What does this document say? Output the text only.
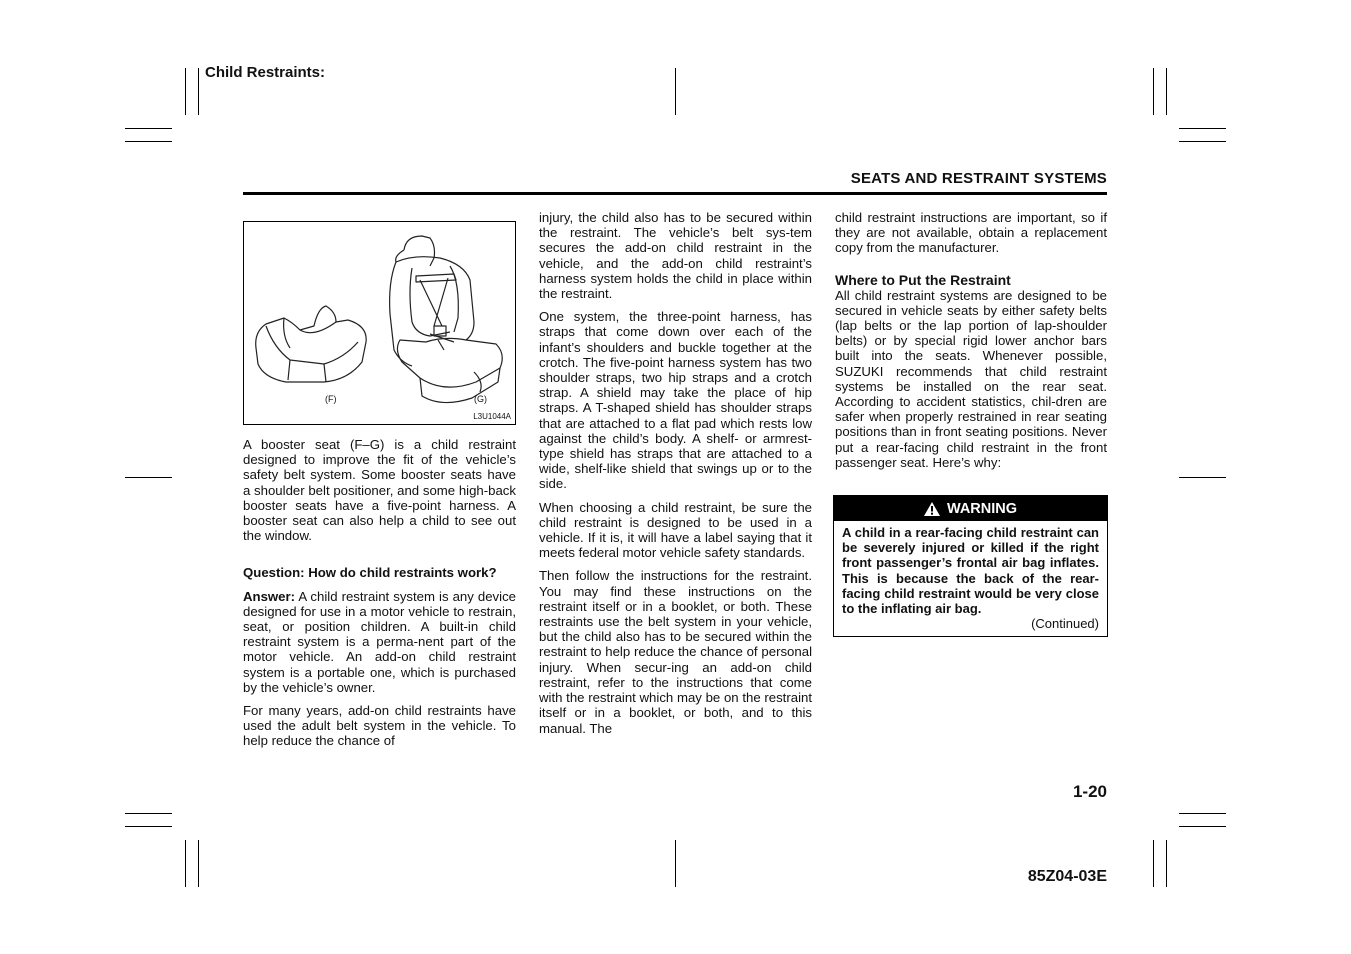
Child Restraints:
SEATS AND RESTRAINT SYSTEMS
(F)	(G)
L3U1044A

A booster seat (F–G) is a child restraint designed to improve the fit of the vehicle’s safety belt system. Some booster seats have a shoulder belt positioner, and some high-back booster seats have a five-point harness. A booster seat can also help a child to see out the window.

Question: How do child restraints work?

Answer: A child restraint system is any device designed for use in a motor vehicle to restrain, seat, or position children. A built-in child restraint system is a perma-nent part of the motor vehicle. An add-on child restraint system is a portable one, which is purchased by the vehicle’s owner.

For many years, add-on child restraints have used the adult belt system in the vehicle. To help reduce the chance of

injury, the child also has to be secured within the restraint. The vehicle’s belt sys-tem secures the add-on child restraint in the vehicle, and the add-on child restraint’s harness system holds the child in place within the restraint.

One system, the three-point harness, has straps that come down over each of the infant’s shoulders and buckle together at the crotch. The five-point harness system has two shoulder straps, two hip straps and a crotch strap. A shield may take the place of hip straps. A T-shaped shield has shoulder straps that are attached to a flat pad which rests low against the child’s body. A shelf- or armrest-type shield has straps that are attached to a wide, shelf-like shield that swings up or to the side.

When choosing a child restraint, be sure the child restraint is designed to be used in a vehicle. If it is, it will have a label saying that it meets federal motor vehicle safety standards.

Then follow the instructions for the restraint. You may find these instructions on the restraint itself or in a booklet, or both. These restraints use the belt system in your vehicle, but the child also has to be secured within the restraint to help reduce the chance of personal injury. When secur-ing an add-on child restraint, refer to the instructions that come with the restraint which may be on the restraint itself or in a booklet, or both, and to this manual. The

child restraint instructions are important, so if they are not available, obtain a replacement copy from the manufacturer.

Where to Put the Restraint

All child restraint systems are designed to be secured in vehicle seats by either safety belts (lap belts or the lap portion of lap-shoulder belts) or by special rigid lower anchor bars built into the seats. Whenever possible, SUZUKI recommends that child restraint systems be installed on the rear seat. According to accident statistics, chil-dren are safer when properly restrained in rear seating positions than in front seating positions. Never put a rear-facing child restraint in the front passenger seat. Here’s why:

WARNING
A child in a rear-facing child restraint can be severely injured or killed if the right front passenger’s frontal air bag inflates. This is because the back of the rear-facing child restraint would be very close to the inflating air bag.
(Continued)
1-20
85Z04-03E
